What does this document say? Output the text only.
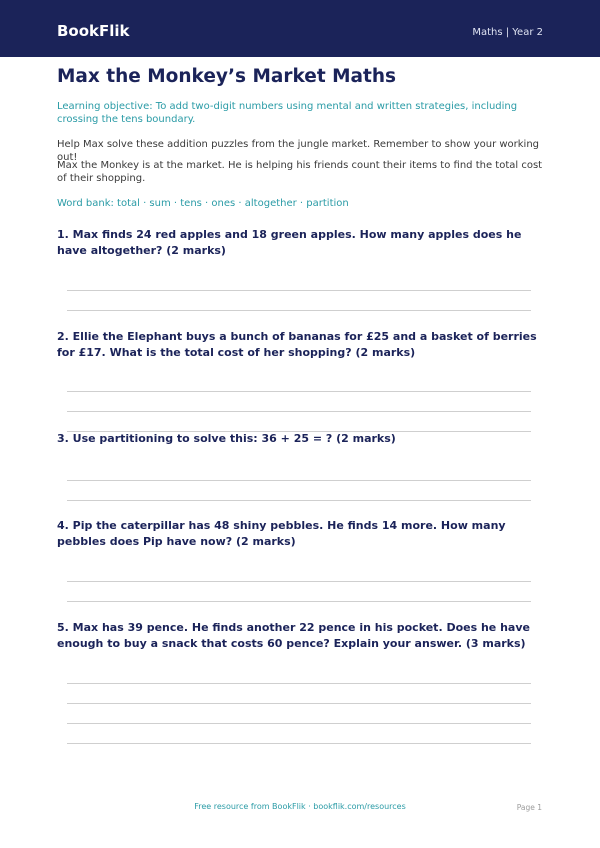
BookFlik	Maths | Year 2
Max the Monkey’s Market Maths
Learning objective: To add two-digit numbers using mental and written strategies, including crossing the tens boundary.

Help Max solve these addition puzzles from the jungle market. Remember to show your working out!

Max the Monkey is at the market. He is helping his friends count their items to find the total cost of their shopping.

Word bank: total · sum · tens · ones · altogether · partition
1. Max finds 24 red apples and 18 green apples. How many apples does he have altogether? (2 marks)
2. Ellie the Elephant buys a bunch of bananas for £25 and a basket of berries for £17. What is the total cost of her shopping? (2 marks)
3. Use partitioning to solve this: 36 + 25 = ? (2 marks)
4. Pip the caterpillar has 48 shiny pebbles. He finds 14 more. How many pebbles does Pip have now? (2 marks)
5. Max has 39 pence. He finds another 22 pence in his pocket. Does he have enough to buy a snack that costs 60 pence? Explain your answer. (3 marks)
Free resource from BookFlik · bookflik.com/resources	Page 1
